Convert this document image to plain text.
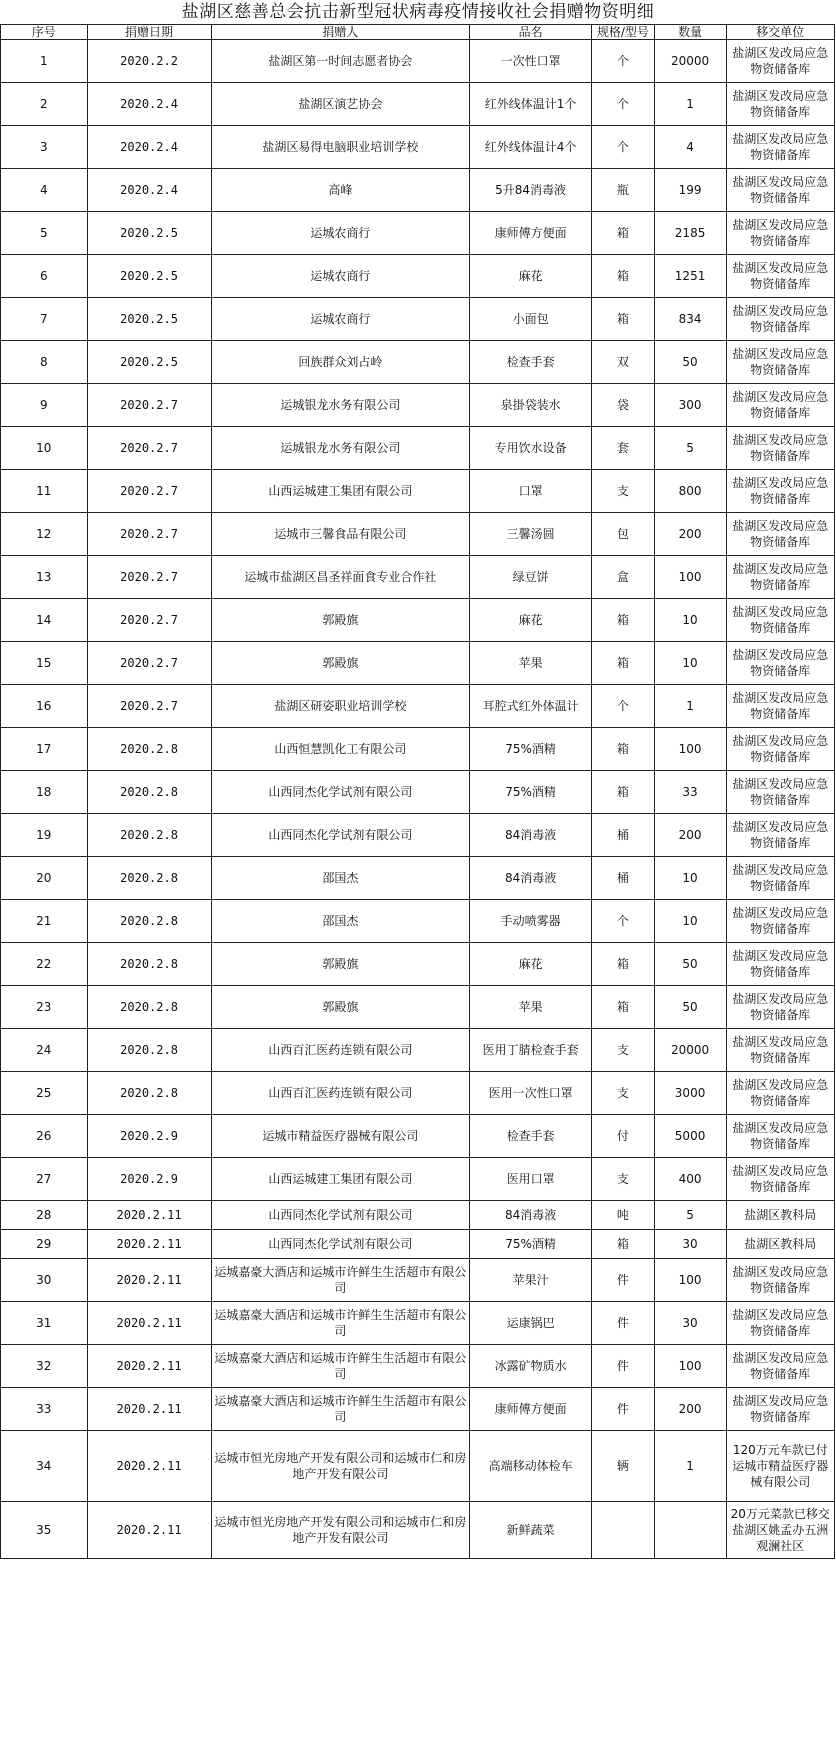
盐湖区慈善总会抗击新型冠状病毒疫情接收社会捐赠物资明细
序号	捐赠日期	捐赠人	品名	规格/型号	数量	移交单位
1	2020.2.2	盐湖区第一时间志愿者协会	一次性口罩	个	20000	盐湖区发改局应急物资储备库
2	2020.2.4	盐湖区演艺协会	红外线体温计1个	个	1	盐湖区发改局应急物资储备库
3	2020.2.4	盐湖区易得电脑职业培训学校	红外线体温计4个	个	4	盐湖区发改局应急物资储备库
4	2020.2.4	高峰	5升84消毒液	瓶	199	盐湖区发改局应急物资储备库
5	2020.2.5	运城农商行	康师傅方便面	箱	2185	盐湖区发改局应急物资储备库
6	2020.2.5	运城农商行	麻花	箱	1251	盐湖区发改局应急物资储备库
7	2020.2.5	运城农商行	小面包	箱	834	盐湖区发改局应急物资储备库
8	2020.2.5	回族群众刘占岭	检查手套	双	50	盐湖区发改局应急物资储备库
9	2020.2.7	运城银龙水务有限公司	泉掛袋装水	袋	300	盐湖区发改局应急物资储备库
10	2020.2.7	运城银龙水务有限公司	专用饮水设备	套	5	盐湖区发改局应急物资储备库
11	2020.2.7	山西运城建工集团有限公司	口罩	支	800	盐湖区发改局应急物资储备库
12	2020.2.7	运城市三馨食品有限公司	三馨汤圆	包	200	盐湖区发改局应急物资储备库
13	2020.2.7	运城市盐湖区昌圣祥面食专业合作社	绿豆饼	盒	100	盐湖区发改局应急物资储备库
14	2020.2.7	郭殿旗	麻花	箱	10	盐湖区发改局应急物资储备库
15	2020.2.7	郭殿旗	苹果	箱	10	盐湖区发改局应急物资储备库
16	2020.2.7	盐湖区研姿职业培训学校	耳腔式红外体温计	个	1	盐湖区发改局应急物资储备库
17	2020.2.8	山西恒慧凯化工有限公司	75%酒精	箱	100	盐湖区发改局应急物资储备库
18	2020.2.8	山西同杰化学试剂有限公司	75%酒精	箱	33	盐湖区发改局应急物资储备库
19	2020.2.8	山西同杰化学试剂有限公司	84消毒液	桶	200	盐湖区发改局应急物资储备库
20	2020.2.8	邵国杰	84消毒液	桶	10	盐湖区发改局应急物资储备库
21	2020.2.8	邵国杰	手动喷雾器	个	10	盐湖区发改局应急物资储备库
22	2020.2.8	郭殿旗	麻花	箱	50	盐湖区发改局应急物资储备库
23	2020.2.8	郭殿旗	苹果	箱	50	盐湖区发改局应急物资储备库
24	2020.2.8	山西百汇医药连锁有限公司	医用丁腈检查手套	支	20000	盐湖区发改局应急物资储备库
25	2020.2.8	山西百汇医药连锁有限公司	医用一次性口罩	支	3000	盐湖区发改局应急物资储备库
26	2020.2.9	运城市精益医疗器械有限公司	检查手套	付	5000	盐湖区发改局应急物资储备库
27	2020.2.9	山西运城建工集团有限公司	医用口罩	支	400	盐湖区发改局应急物资储备库
28	2020.2.11	山西同杰化学试剂有限公司	84消毒液	吨	5	盐湖区教科局
29	2020.2.11	山西同杰化学试剂有限公司	75%酒精	箱	30	盐湖区教科局
30	2020.2.11	运城嘉豪大酒店和运城市许鲜生生活超市有限公司	苹果汁	件	100	盐湖区发改局应急物资储备库
31	2020.2.11	运城嘉豪大酒店和运城市许鲜生生活超市有限公司	运康锅巴	件	30	盐湖区发改局应急物资储备库
32	2020.2.11	运城嘉豪大酒店和运城市许鲜生生活超市有限公司	冰露矿物质水	件	100	盐湖区发改局应急物资储备库
33	2020.2.11	运城嘉豪大酒店和运城市许鲜生生活超市有限公司	康师傅方便面	件	200	盐湖区发改局应急物资储备库
34	2020.2.11	运城市恒光房地产开发有限公司和运城市仁和房地产开发有限公司	高端移动体检车	辆	1	120万元车款已付运城市精益医疗器械有限公司
35	2020.2.11	运城市恒光房地产开发有限公司和运城市仁和房地产开发有限公司	新鲜蔬菜			20万元菜款已移交盐湖区姚孟办五洲观澜社区
